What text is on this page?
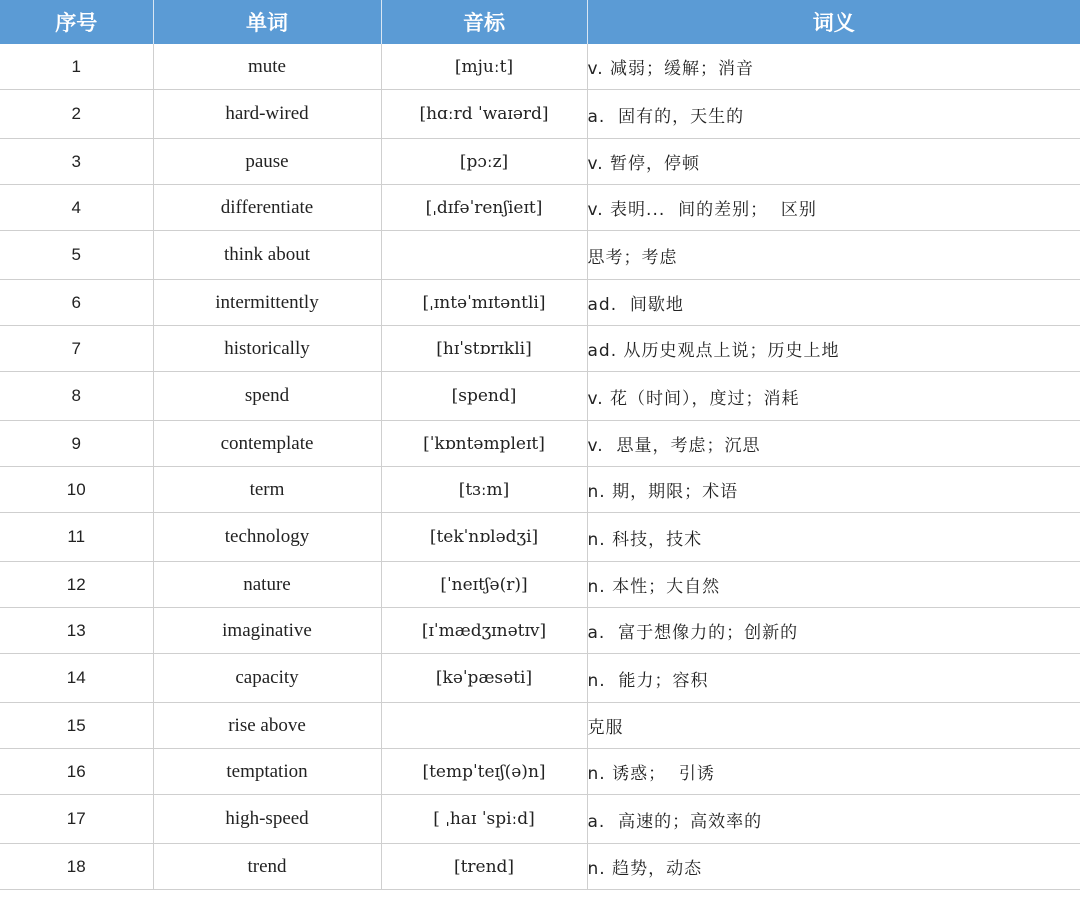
序号	单词	音标	词义
1	mute	[mjuːt]	v. 减弱；缓解；消音
2	hard-wired	[hɑːrd ˈwaɪərd]	a.  固有的，天生的
3	pause	[pɔːz]	v. 暂停，停顿
4	differentiate	[ˌdɪfəˈrenʃieɪt]	v. 表明...  间的差别；  区别
5	think about		思考；考虑
6	intermittently	[ˌɪntəˈmɪtəntli]	ad.  间歇地
7	historically	[hɪˈstɒrɪkli]	ad. 从历史观点上说；历史上地
8	spend	[spend]	v. 花（时间），度过；消耗
9	contemplate	[ˈkɒntəmpleɪt]	v.  思量，考虑；沉思
10	term	[tɜːm]	n. 期，期限；术语
11	technology	[tekˈnɒlədʒi]	n. 科技，技术
12	nature	[ˈneɪtʃə(r)]	n. 本性；大自然
13	imaginative	[ɪˈmædʒɪnətɪv]	a.  富于想像力的；创新的
14	capacity	[kəˈpæsəti]	n.  能力；容积
15	rise above		克服
16	temptation	[tempˈteɪʃ(ə)n]	n. 诱惑；  引诱
17	high-speed	[ ˌhaɪ ˈspiːd]	a.  高速的；高效率的
18	trend	[trend]	n. 趋势，动态
